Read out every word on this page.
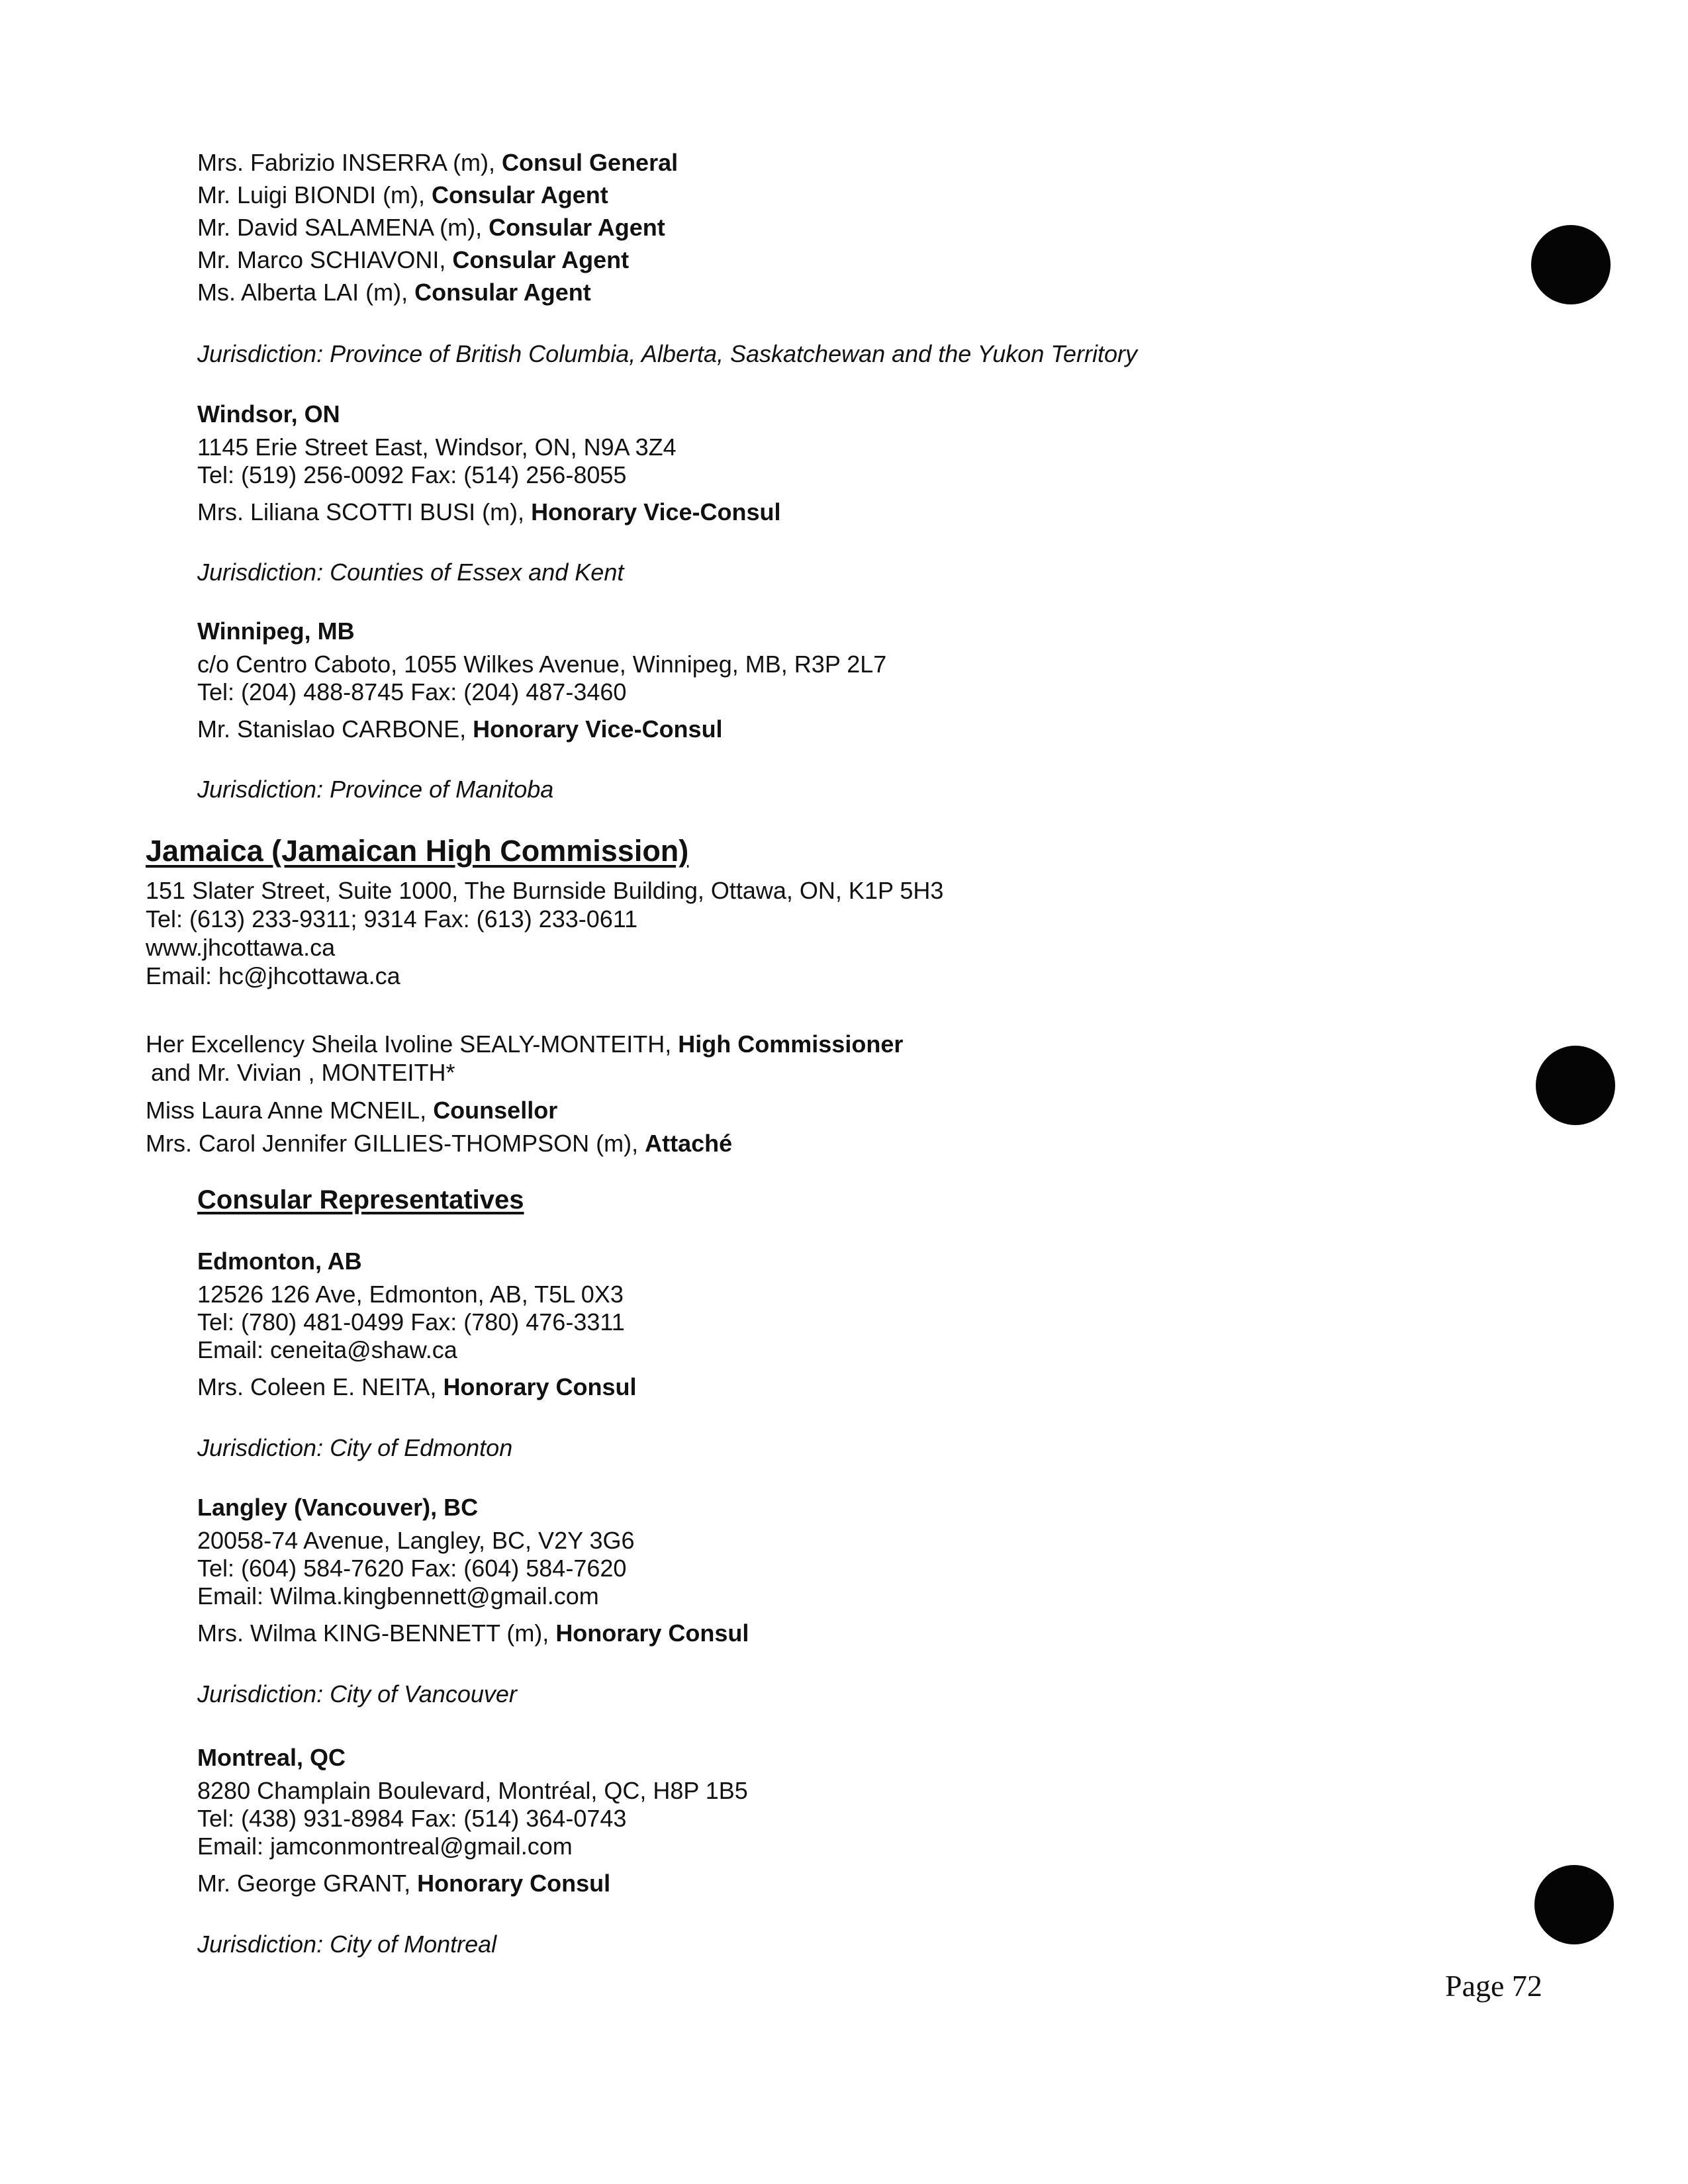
Mrs. Fabrizio INSERRA (m), Consul General
Mr. Luigi BIONDI (m), Consular Agent
Mr. David SALAMENA (m), Consular Agent
Mr. Marco SCHIAVONI, Consular Agent
Ms. Alberta LAI (m), Consular Agent
Jurisdiction: Province of British Columbia, Alberta, Saskatchewan and the Yukon Territory
Windsor, ON
1145 Erie Street East, Windsor, ON, N9A 3Z4
Tel: (519) 256-0092 Fax: (514) 256-8055
Mrs. Liliana SCOTTI BUSI (m), Honorary Vice-Consul
Jurisdiction: Counties of Essex and Kent
Winnipeg, MB
c/o Centro Caboto, 1055 Wilkes Avenue, Winnipeg, MB, R3P 2L7
Tel: (204) 488-8745 Fax: (204) 487-3460
Mr. Stanislao CARBONE, Honorary Vice-Consul
Jurisdiction: Province of Manitoba
Jamaica (Jamaican High Commission)
151 Slater Street, Suite 1000, The Burnside Building, Ottawa, ON, K1P 5H3
Tel: (613) 233-9311; 9314 Fax: (613) 233-0611
www.jhcottawa.ca
Email: hc@jhcottawa.ca
Her Excellency Sheila Ivoline SEALY-MONTEITH, High Commissioner
and Mr. Vivian , MONTEITH*
Miss Laura Anne MCNEIL, Counsellor
Mrs. Carol Jennifer GILLIES-THOMPSON (m), Attaché
Consular Representatives
Edmonton, AB
12526 126 Ave, Edmonton, AB, T5L 0X3
Tel: (780) 481-0499 Fax: (780) 476-3311
Email: ceneita@shaw.ca
Mrs. Coleen E. NEITA, Honorary Consul
Jurisdiction: City of Edmonton
Langley (Vancouver), BC
20058-74 Avenue, Langley, BC, V2Y 3G6
Tel: (604) 584-7620 Fax: (604) 584-7620
Email: Wilma.kingbennett@gmail.com
Mrs. Wilma KING-BENNETT (m), Honorary Consul
Jurisdiction: City of Vancouver
Montreal, QC
8280 Champlain Boulevard, Montréal, QC, H8P 1B5
Tel: (438) 931-8984 Fax: (514) 364-0743
Email: jamconmontreal@gmail.com
Mr. George GRANT, Honorary Consul
Jurisdiction: City of Montreal
Page 72
